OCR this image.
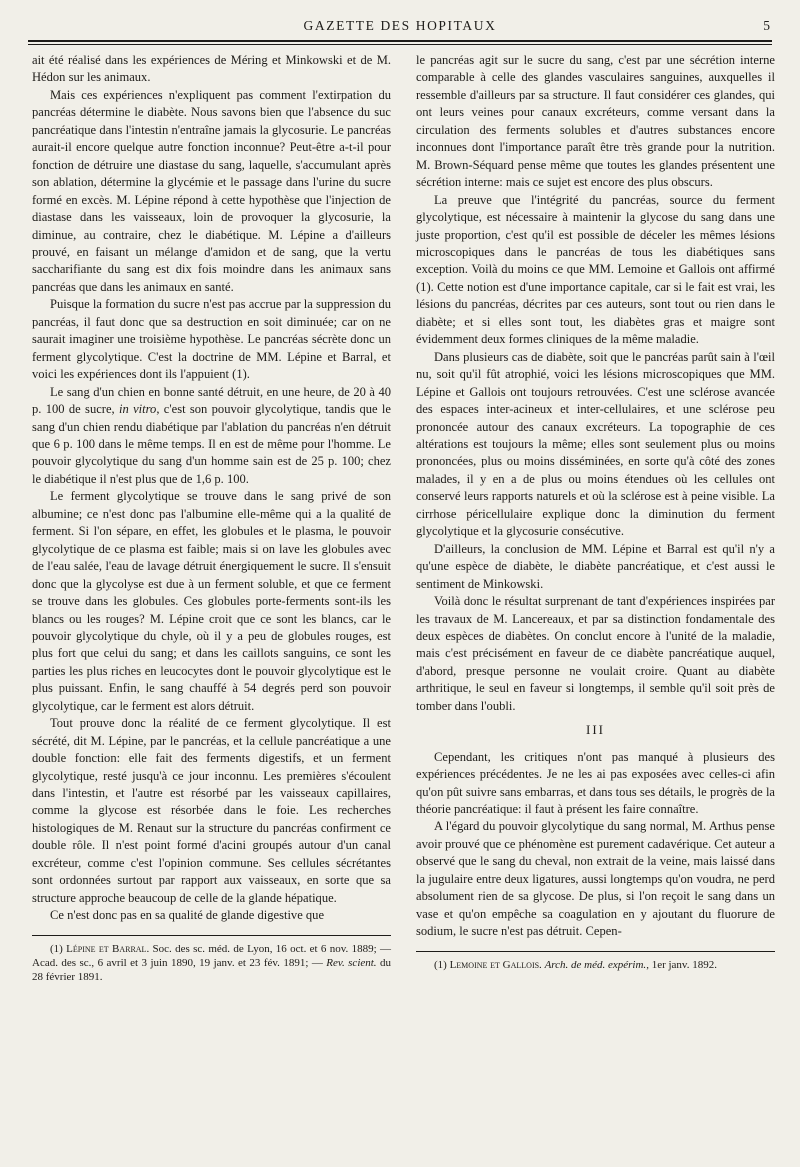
GAZETTE DES HOPITAUX	5

ait été réalisé dans les expériences de Méring et Minkowski et de M. Hédon sur les animaux.

Mais ces expériences n'expliquent pas comment l'extirpation du pancréas détermine le diabète. Nous savons bien que l'absence du suc pancréatique dans l'intestin n'entraîne jamais la glycosurie. Le pancréas aurait-il encore quelque autre fonction inconnue? Peut-être a-t-il pour fonction de détruire une diastase du sang, laquelle, s'accumulant après son ablation, détermine la glycémie et le passage dans l'urine du sucre formé en excès. M. Lépine répond à cette hypothèse que l'injection de diastase dans les vaisseaux, loin de provoquer la glycosurie, la diminue, au contraire, chez le diabétique. M. Lépine a d'ailleurs prouvé, en faisant un mélange d'amidon et de sang, que la vertu saccharifiante du sang est dix fois moindre dans les animaux sans pancréas que dans les animaux en santé.

Puisque la formation du sucre n'est pas accrue par la suppression du pancréas, il faut donc que sa destruction en soit diminuée; car on ne saurait imaginer une troisième hypothèse. Le pancréas sécrète donc un ferment glycolytique. C'est la doctrine de MM. Lépine et Barral, et voici les expériences dont ils l'appuient (1).

Le sang d'un chien en bonne santé détruit, en une heure, de 20 à 40 p. 100 de sucre, in vitro, c'est son pouvoir glycolytique, tandis que le sang d'un chien rendu diabétique par l'ablation du pancréas n'en détruit que 6 p. 100 dans le même temps. Il en est de même pour l'homme. Le pouvoir glycolytique du sang d'un homme sain est de 25 p. 100; chez le diabétique il n'est plus que de 1,6 p. 100.

Le ferment glycolytique se trouve dans le sang privé de son albumine; ce n'est donc pas l'albumine elle-même qui a la qualité de ferment. Si l'on sépare, en effet, les globules et le plasma, le pouvoir glycolytique de ce plasma est faible; mais si on lave les globules avec de l'eau salée, l'eau de lavage détruit énergiquement le sucre. Il s'ensuit donc que la glycolyse est due à un ferment soluble, et que ce ferment se trouve dans les globules. Ces globules porte-ferments sont-ils les blancs ou les rouges? M. Lépine croit que ce sont les blancs, car le pouvoir glycolytique du chyle, où il y a peu de globules rouges, est plus fort que celui du sang; et dans les caillots sanguins, ce sont les parties les plus riches en leucocytes dont le pouvoir glycolytique est le plus puissant. Enfin, le sang chauffé à 54 degrés perd son pouvoir glycolytique, car le ferment est alors détruit.

Tout prouve donc la réalité de ce ferment glycolytique. Il est sécrété, dit M. Lépine, par le pancréas, et la cellule pancréatique a une double fonction: elle fait des ferments digestifs, et un ferment glycolytique, resté jusqu'à ce jour inconnu. Les premières s'écoulent dans l'intestin, et l'autre est résorbé par les vaisseaux capillaires, comme la glycose est résorbée dans le foie. Les recherches histologiques de M. Renaut sur la structure du pancréas confirment ce double rôle. Il n'est point formé d'acini groupés autour d'un canal excréteur, comme c'est l'opinion commune. Ses cellules sécrétantes sont ordonnées surtout par rapport aux vaisseaux, en sorte que sa structure approche beaucoup de celle de la glande hépatique.

Ce n'est donc pas en sa qualité de glande digestive que

(1) Lépine et Barral. Soc. des sc. méd. de Lyon, 16 oct. et 6 nov. 1889; — Acad. des sc., 6 avril et 3 juin 1890, 19 janv. et 23 fév. 1891; — Rev. scient. du 28 février 1891.

le pancréas agit sur le sucre du sang, c'est par une sécrétion interne comparable à celle des glandes vasculaires sanguines, auxquelles il ressemble d'ailleurs par sa structure. Il faut considérer ces glandes, qui ont leurs veines pour canaux excréteurs, comme versant dans la circulation des ferments solubles et d'autres substances encore inconnues dont l'importance paraît être très grande pour la nutrition. M. Brown-Séquard pense même que toutes les glandes présentent une sécrétion interne: mais ce sujet est encore des plus obscurs.

La preuve que l'intégrité du pancréas, source du ferment glycolytique, est nécessaire à maintenir la glycose du sang dans une juste proportion, c'est qu'il est possible de déceler les mêmes lésions microscopiques dans le pancréas de tous les diabétiques sans exception. Voilà du moins ce que MM. Lemoine et Gallois ont affirmé (1). Cette notion est d'une importance capitale, car si le fait est vrai, les lésions du pancréas, décrites par ces auteurs, sont tout ou rien dans le diabète; et si elles sont tout, les diabètes gras et maigre sont évidemment deux formes cliniques de la même maladie.

Dans plusieurs cas de diabète, soit que le pancréas parût sain à l'œil nu, soit qu'il fût atrophié, voici les lésions microscopiques que MM. Lépine et Gallois ont toujours retrouvées. C'est une sclérose avancée des espaces inter-acineux et inter-cellulaires, et une sclérose peu prononcée autour des canaux excréteurs. La topographie de ces altérations est toujours la même; elles sont seulement plus ou moins prononcées, plus ou moins disséminées, en sorte qu'à côté des zones malades, il y en a de plus ou moins étendues où les cellules ont conservé leurs rapports naturels et où la sclérose est à peine visible. La cirrhose péricellulaire explique donc la diminution du ferment glycolytique et la glycosurie consécutive.

D'ailleurs, la conclusion de MM. Lépine et Barral est qu'il n'y a qu'une espèce de diabète, le diabète pancréatique, et c'est aussi le sentiment de Minkowski.

Voilà donc le résultat surprenant de tant d'expériences inspirées par les travaux de M. Lancereaux, et par sa distinction fondamentale des deux espèces de diabètes. On conclut encore à l'unité de la maladie, mais c'est précisément en faveur de ce diabète pancréatique auquel, d'abord, presque personne ne voulait croire. Quant au diabète arthritique, le seul en faveur si longtemps, il semble qu'il soit près de tomber dans l'oubli.

III

Cependant, les critiques n'ont pas manqué à plusieurs des expériences précédentes. Je ne les ai pas exposées avec celles-ci afin qu'on pût suivre sans embarras, et dans tous ses détails, le progrès de la théorie pancréatique: il faut à présent les faire connaître.

A l'égard du pouvoir glycolytique du sang normal, M. Arthus pense avoir prouvé que ce phénomène est purement cadavérique. Cet auteur a observé que le sang du cheval, non extrait de la veine, mais laissé dans la jugulaire entre deux ligatures, aussi longtemps qu'on voudra, ne perd absolument rien de sa glycose. De plus, si l'on reçoit le sang dans un vase et qu'on empêche sa coagulation en y ajoutant du fluorure de sodium, le sucre n'est pas détruit. Cepen-

(1) Lemoine et Gallois. Arch. de méd. expérim., 1er janv. 1892.
